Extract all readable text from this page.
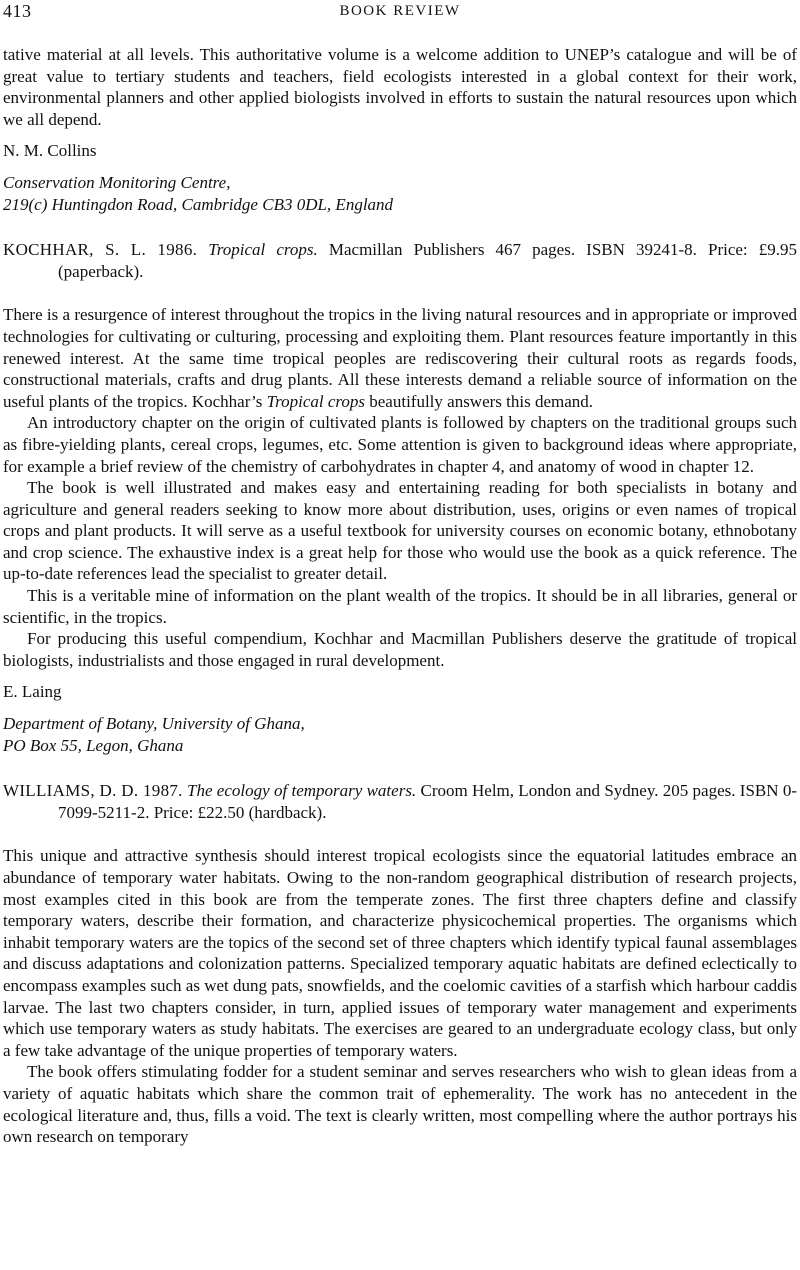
413	BOOK REVIEW

tative material at all levels. This authoritative volume is a welcome addition to UNEP’s catalogue and will be of great value to tertiary students and teachers, field ecologists interested in a global context for their work, environmental planners and other applied biologists involved in efforts to sustain the natural resources upon which we all depend.

N. M. Collins
Conservation Monitoring Centre,
219(c) Huntingdon Road, Cambridge CB3 0DL, England

KOCHHAR, S. L. 1986. Tropical crops. Macmillan Publishers 467 pages. ISBN 39241-8. Price: £9.95 (paperback).

There is a resurgence of interest throughout the tropics in the living natural resources and in appropriate or improved technologies for cultivating or culturing, processing and exploiting them. Plant resources feature importantly in this renewed interest. At the same time tropical peoples are rediscovering their cultural roots as regards foods, constructional materials, crafts and drug plants. All these interests demand a reliable source of information on the useful plants of the tropics. Kochhar’s Tropical crops beautifully answers this demand.

An introductory chapter on the origin of cultivated plants is followed by chapters on the traditional groups such as fibre-yielding plants, cereal crops, legumes, etc. Some attention is given to background ideas where appropriate, for example a brief review of the chemistry of carbohydrates in chapter 4, and anatomy of wood in chapter 12.

The book is well illustrated and makes easy and entertaining reading for both specialists in botany and agriculture and general readers seeking to know more about distribution, uses, origins or even names of tropical crops and plant products. It will serve as a useful textbook for university courses on economic botany, ethnobotany and crop science. The exhaustive index is a great help for those who would use the book as a quick reference. The up-to-date references lead the specialist to greater detail.

This is a veritable mine of information on the plant wealth of the tropics. It should be in all libraries, general or scientific, in the tropics.

For producing this useful compendium, Kochhar and Macmillan Publishers deserve the gratitude of tropical biologists, industrialists and those engaged in rural development.

E. Laing
Department of Botany, University of Ghana,
PO Box 55, Legon, Ghana

WILLIAMS, D. D. 1987. The ecology of temporary waters. Croom Helm, London and Sydney. 205 pages. ISBN 0-7099-5211-2. Price: £22.50 (hardback).

This unique and attractive synthesis should interest tropical ecologists since the equatorial latitudes embrace an abundance of temporary water habitats. Owing to the non-random geographical distribution of research projects, most examples cited in this book are from the temperate zones. The first three chapters define and classify temporary waters, describe their formation, and characterize physicochemical properties. The organisms which inhabit temporary waters are the topics of the second set of three chapters which identify typical faunal assemblages and discuss adaptations and colonization patterns. Specialized temporary aquatic habitats are defined eclectically to encompass examples such as wet dung pats, snowfields, and the coelomic cavities of a starfish which harbour caddis larvae. The last two chapters consider, in turn, applied issues of temporary water management and experiments which use temporary waters as study habitats. The exercises are geared to an undergraduate ecology class, but only a few take advantage of the unique properties of temporary waters.

The book offers stimulating fodder for a student seminar and serves researchers who wish to glean ideas from a variety of aquatic habitats which share the common trait of ephemerality. The work has no antecedent in the ecological literature and, thus, fills a void. The text is clearly written, most compelling where the author portrays his own research on temporary
